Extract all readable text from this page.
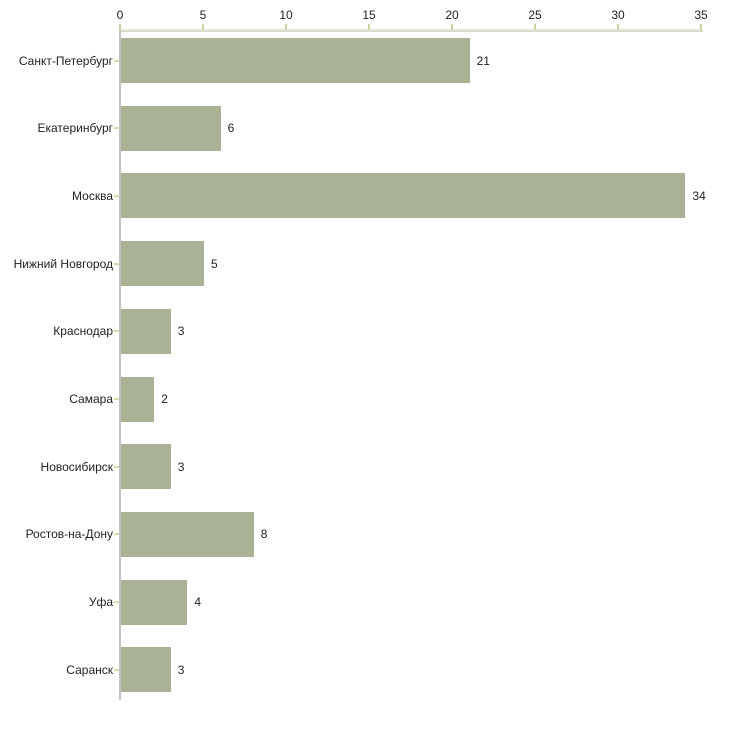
0	5	10	15	20	25	30	35
Санкт-Петербург	21
Екатеринбург	6
Москва	34
Нижний Новгород	5
Краснодар	3
Самара	2
Новосибирск	3
Ростов-на-Дону	8
Уфа	4
Саранск	3
